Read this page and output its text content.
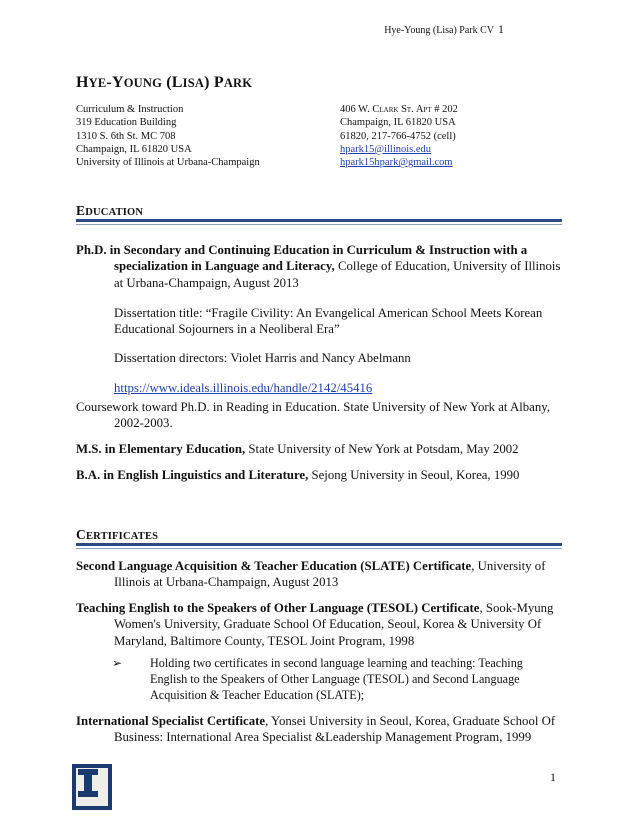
Hye-Young (Lisa) Park CV 1
HYE-YOUNG (LISA) PARK
Curriculum & Instruction
319 Education Building
1310 S. 6th St. MC 708
Champaign, IL 61820 USA
University of Illinois at Urbana-Champaign
406 W. Clark St. Apt # 202
Champaign, IL 61820 USA
61820, 217-766-4752 (cell)
hpark15@illinois.edu
hpark15hpark@gmail.com
EDUCATION

Ph.D. in Secondary and Continuing Education in Curriculum & Instruction with a specialization in Language and Literacy, College of Education, University of Illinois at Urbana-Champaign, August 2013

Dissertation title: “Fragile Civility: An Evangelical American School Meets Korean Educational Sojourners in a Neoliberal Era”
Dissertation directors: Violet Harris and Nancy Abelmann
https://www.ideals.illinois.edu/handle/2142/45416

Coursework toward Ph.D. in Reading in Education. State University of New York at Albany, 2002-2003.

M.S. in Elementary Education, State University of New York at Potsdam, May 2002

B.A. in English Linguistics and Literature, Sejong University in Seoul, Korea, 1990

CERTIFICATES

Second Language Acquisition & Teacher Education (SLATE) Certificate, University of Illinois at Urbana-Champaign, August 2013

Teaching English to the Speakers of Other Language (TESOL) Certificate, Sook-Myung Women's University, Graduate School Of Education, Seoul, Korea & University Of Maryland, Baltimore County, TESOL Joint Program, 1998

➢ Holding two certificates in second language learning and teaching: Teaching English to the Speakers of Other Language (TESOL) and Second Language Acquisition & Teacher Education (SLATE);

International Specialist Certificate, Yonsei University in Seoul, Korea, Graduate School Of Business: International Area Specialist &Leadership Management Program, 1999

1
